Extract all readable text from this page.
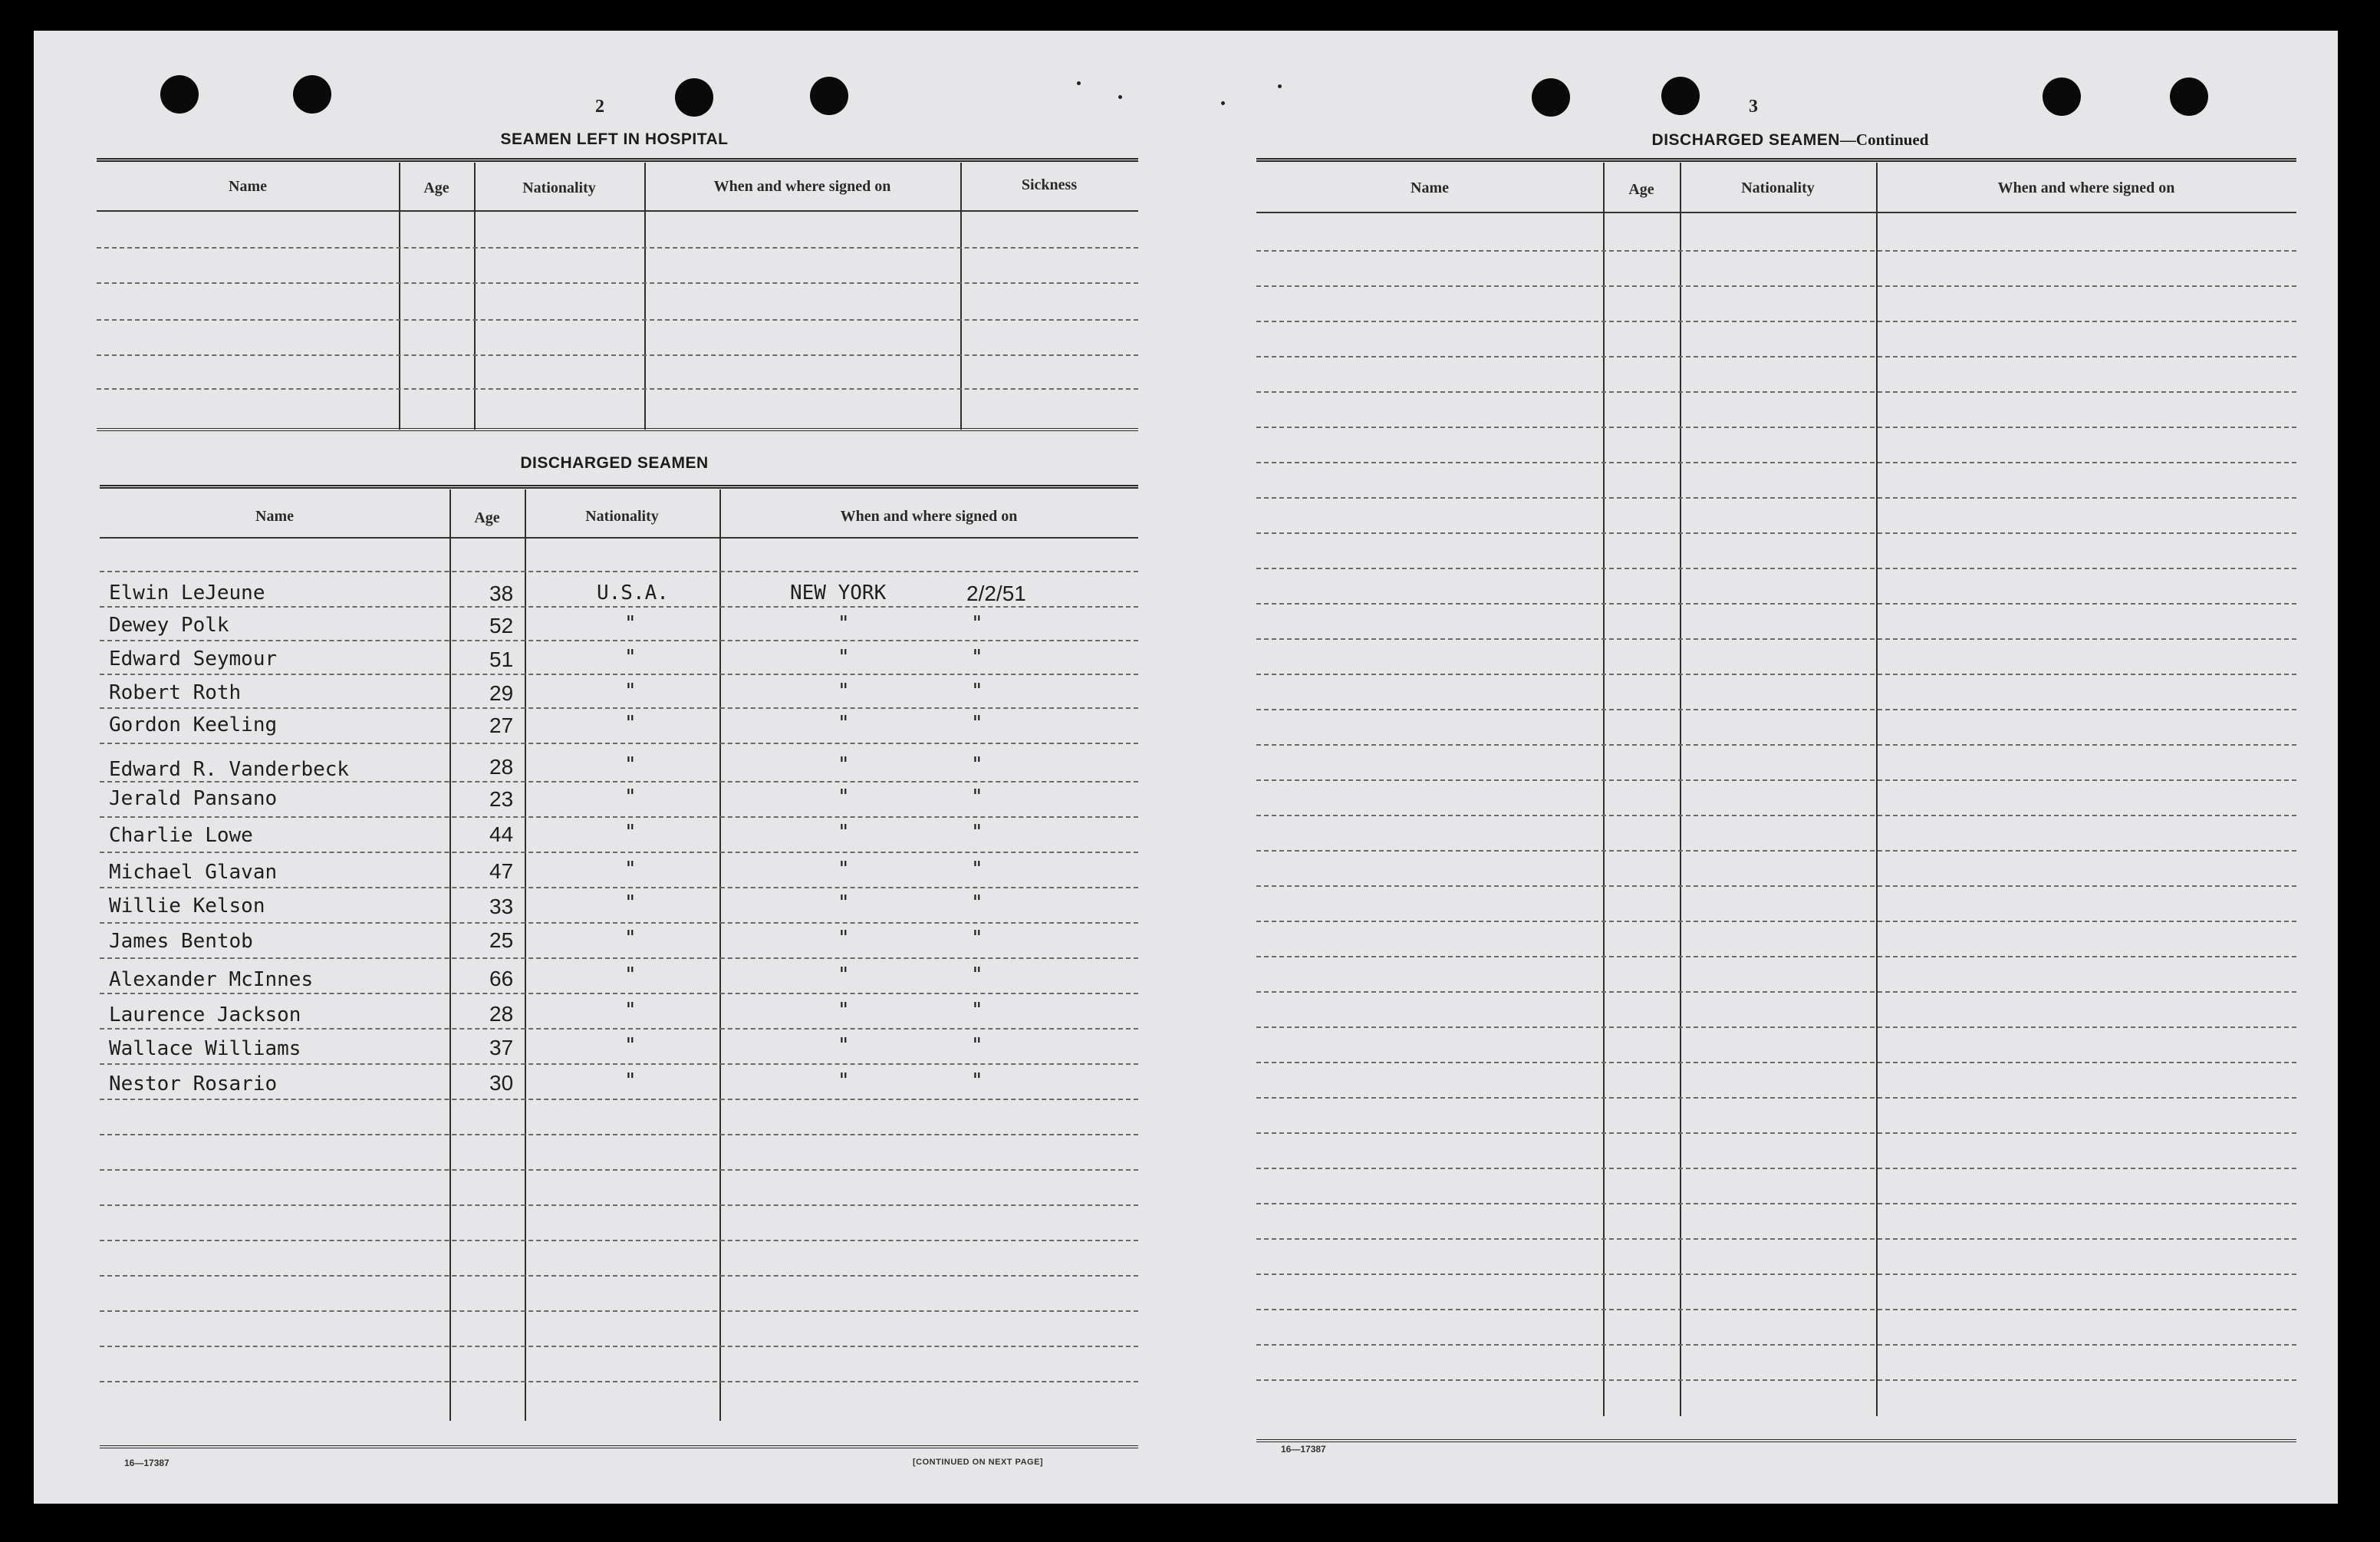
2
SEAMEN LEFT IN HOSPITAL
Name	Age	Nationality	When and where signed on	Sickness
DISCHARGED SEAMEN
Name	Age	Nationality	When and where signed on
Elwin LeJeune	38	U.S.A.	NEW YORK	2/2/51
Dewey Polk	52	"	"	"
Edward Seymour	51	"	"	"
Robert Roth	29	"	"	"
Gordon Keeling	27	"	"	"
Edward R. Vanderbeck	28	"	"	"
Jerald Pansano	23	"	"	"
Charlie Lowe	44	"	"	"
Michael Glavan	47	"	"	"
Willie Kelson	33	"	"	"
James Bentob	25	"	"	"
Alexander McInnes	66	"	"	"
Laurence Jackson	28	"	"	"
Wallace Williams	37	"	"	"
Nestor Rosario	30	"	"	"
16—17387	[CONTINUED ON NEXT PAGE]
3
DISCHARGED SEAMEN—Continued
Name	Age	Nationality	When and where signed on
16—17387
